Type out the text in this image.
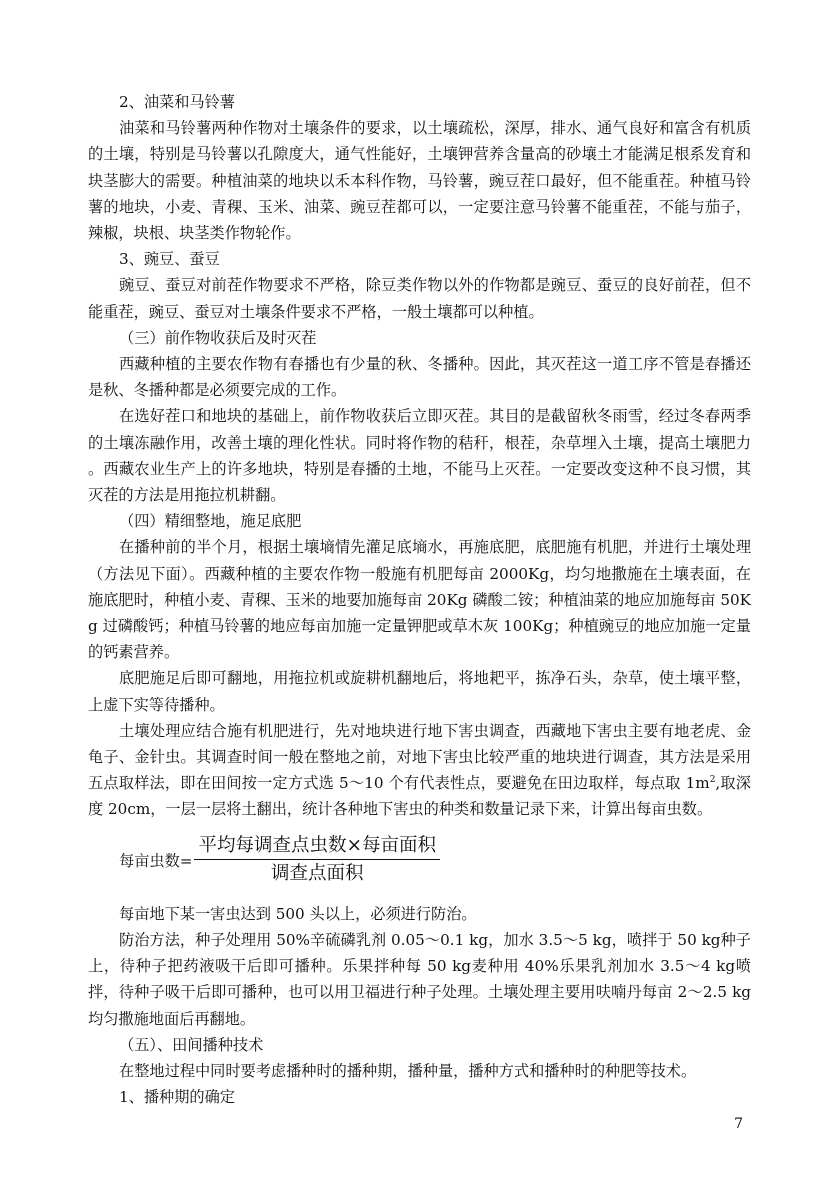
2、油菜和马铃薯

油菜和马铃薯两种作物对土壤条件的要求，以土壤疏松，深厚，排水、通气良好和富含有机质的土壤，特别是马铃薯以孔隙度大，通气性能好，土壤钾营养含量高的砂壤土才能满足根系发育和块茎膨大的需要。种植油菜的地块以禾本科作物，马铃薯，豌豆茬口最好，但不能重茬。种植马铃薯的地块，小麦、青稞、玉米、油菜、豌豆茬都可以，一定要注意马铃薯不能重茬，不能与茄子，辣椒，块根、块茎类作物轮作。

3、豌豆、蚕豆

豌豆、蚕豆对前茬作物要求不严格，除豆类作物以外的作物都是豌豆、蚕豆的良好前茬，但不能重茬，豌豆、蚕豆对土壤条件要求不严格，一般土壤都可以种植。

（三）前作物收获后及时灭茬

西藏种植的主要农作物有春播也有少量的秋、冬播种。因此，其灭茬这一道工序不管是春播还是秋、冬播种都是必须要完成的工作。

在选好茬口和地块的基础上，前作物收获后立即灭茬。其目的是截留秋冬雨雪，经过冬春两季的土壤冻融作用，改善土壤的理化性状。同时将作物的秸秆，根茬，杂草埋入土壤，提高土壤肥力 。西藏农业生产上的许多地块，特别是春播的土地，不能马上灭茬。一定要改变这种不良习惯，其灭茬的方法是用拖拉机耕翻。

（四）精细整地，施足底肥

在播种前的半个月，根据土壤墒情先灌足底墒水，再施底肥，底肥施有机肥，并进行土壤处理（方法见下面）。西藏种植的主要农作物一般施有机肥每亩 2000Kg，均匀地撒施在土壤表面，在施底肥时，种植小麦、青稞、玉米的地要加施每亩 20Kg 磷酸二铵；种植油菜的地应加施每亩 50Kg 过磷酸钙；种植马铃薯的地应每亩加施一定量钾肥或草木灰 100Kg；种植豌豆的地应加施一定量的钙素营养。

底肥施足后即可翻地，用拖拉机或旋耕机翻地后，将地耙平，拣净石头，杂草，使土壤平整，上虚下实等待播种。

土壤处理应结合施有机肥进行，先对地块进行地下害虫调查，西藏地下害虫主要有地老虎、金龟子、金针虫。其调查时间一般在整地之前，对地下害虫比较严重的地块进行调查，其方法是采用五点取样法，即在田间按一定方式选 5～10 个有代表性点，要避免在田边取样，每点取 $1m^2$,取深度 20cm，一层一层将土翻出，统计各种地下害虫的种类和数量记录下来，计算出每亩虫数。

每亩虫数= $\frac{\text{平均每调查点虫数×每亩面积}}{\text{调查点面积}}$

每亩地下某一害虫达到 500 头以上，必须进行防治。

防治方法，种子处理用 50%辛硫磷乳剂 0.05～0.1 kg，加水 3.5～5 kg，喷拌于 50 kg种子上，待种子把药液吸干后即可播种。乐果拌种每 50 kg麦种用 40%乐果乳剂加水 3.5～4 kg喷拌，待种子吸干后即可播种，也可以用卫福进行种子处理。土壤处理主要用呋喃丹每亩 2～2.5 kg均匀撒施地面后再翻地。

（五）、田间播种技术

在整地过程中同时要考虑播种时的播种期，播种量，播种方式和播种时的种肥等技术。

1、播种期的确定

7
